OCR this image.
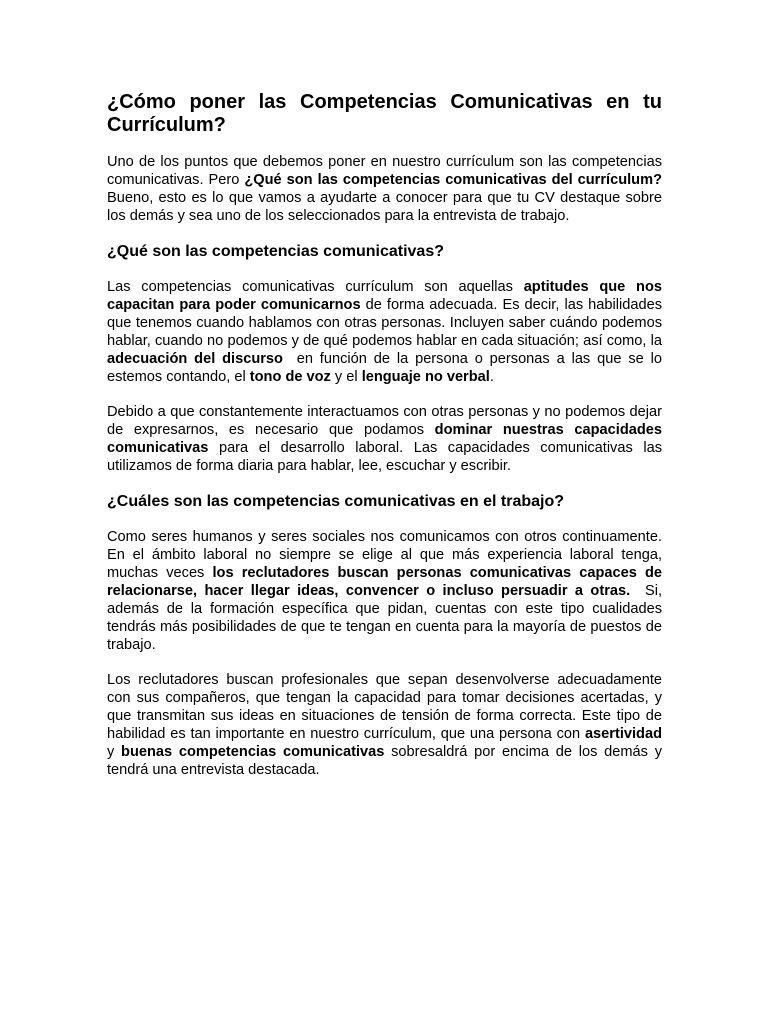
¿Cómo poner las Competencias Comunicativas en tu Currículum?

Uno de los puntos que debemos poner en nuestro currículum son las competencias comunicativas. Pero ¿Qué son las competencias comunicativas del currículum? Bueno, esto es lo que vamos a ayudarte a conocer para que tu CV destaque sobre los demás y sea uno de los seleccionados para la entrevista de trabajo.

¿Qué son las competencias comunicativas?

Las competencias comunicativas currículum son aquellas aptitudes que nos capacitan para poder comunicarnos de forma adecuada. Es decir, las habilidades que tenemos cuando hablamos con otras personas. Incluyen saber cuándo podemos hablar, cuando no podemos y de qué podemos hablar en cada situación; así como, la adecuación del discurso  en función de la persona o personas a las que se lo estemos contando, el tono de voz y el lenguaje no verbal.

Debido a que constantemente interactuamos con otras personas y no podemos dejar de expresarnos, es necesario que podamos dominar nuestras capacidades comunicativas para el desarrollo laboral. Las capacidades comunicativas las utilizamos de forma diaria para hablar, lee, escuchar y escribir.

¿Cuáles son las competencias comunicativas en el trabajo?

Como seres humanos y seres sociales nos comunicamos con otros continuamente. En el ámbito laboral no siempre se elige al que más experiencia laboral tenga, muchas veces los reclutadores buscan personas comunicativas capaces de relacionarse, hacer llegar ideas, convencer o incluso persuadir a otras.  Si, además de la formación específica que pidan, cuentas con este tipo cualidades tendrás más posibilidades de que te tengan en cuenta para la mayoría de puestos de trabajo.

Los reclutadores buscan profesionales que sepan desenvolverse adecuadamente con sus compañeros, que tengan la capacidad para tomar decisiones acertadas, y que transmitan sus ideas en situaciones de tensión de forma correcta. Este tipo de habilidad es tan importante en nuestro currículum, que una persona con asertividad y buenas competencias comunicativas sobresaldrá por encima de los demás y tendrá una entrevista destacada.
